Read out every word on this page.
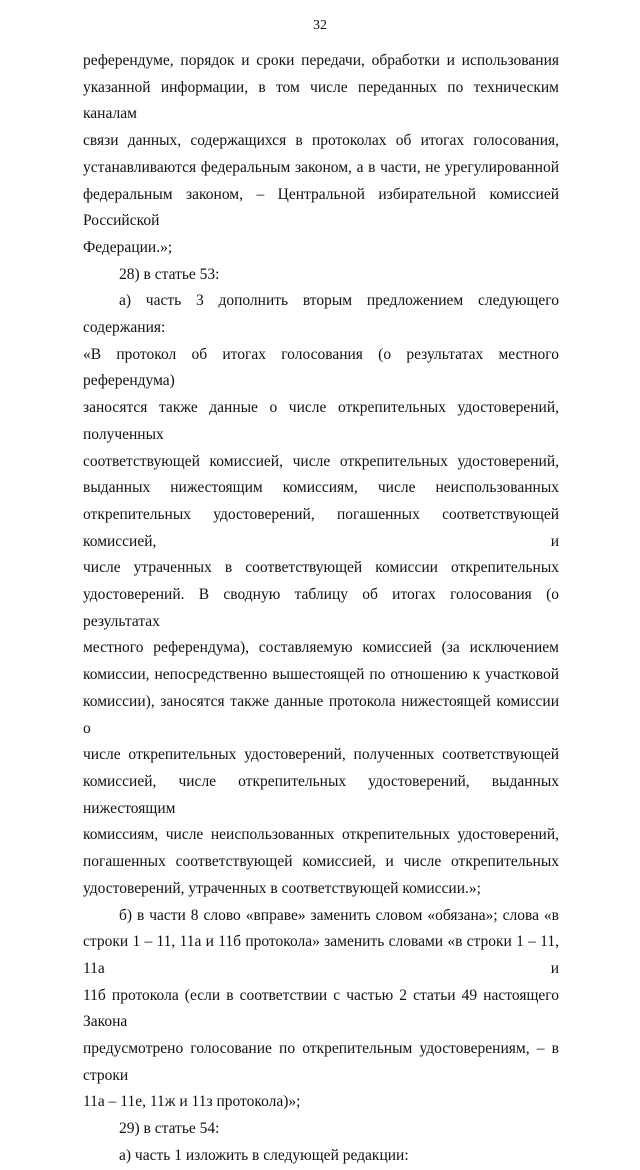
32

референдуме, порядок и сроки передачи, обработки и использования

указанной информации, в том числе переданных по техническим каналам

связи данных, содержащихся в протоколах об итогах голосования,

устанавливаются федеральным законом, а в части, не урегулированной

федеральным законом, – Центральной избирательной комиссией Российской

Федерации.»;

28) в статье 53:

а) часть 3 дополнить вторым предложением следующего содержания:

«В протокол об итогах голосования (о результатах местного референдума)

заносятся также данные о числе открепительных удостоверений, полученных

соответствующей комиссией, числе открепительных удостоверений,

выданных нижестоящим комиссиям, числе неиспользованных

открепительных удостоверений, погашенных соответствующей комиссией, и

числе утраченных в соответствующей комиссии открепительных

удостоверений. В сводную таблицу об итогах голосования (о результатах

местного референдума), составляемую комиссией (за исключением

комиссии, непосредственно вышестоящей по отношению к участковой

комиссии), заносятся также данные протокола нижестоящей комиссии о

числе открепительных удостоверений, полученных соответствующей

комиссией, числе открепительных удостоверений, выданных нижестоящим

комиссиям, числе неиспользованных открепительных удостоверений,

погашенных соответствующей комиссией, и числе открепительных

удостоверений, утраченных в соответствующей комиссии.»;

б) в части 8 слово «вправе» заменить словом «обязана»; слова «в

строки 1 – 11, 11а и 11б протокола» заменить словами «в строки 1 – 11, 11а и

11б протокола (если в соответствии с частью 2 статьи 49 настоящего Закона

предусмотрено голосование по открепительным удостоверениям, – в строки

11а – 11е, 11ж и 11з протокола)»;

29) в статье 54:

а) часть 1 изложить в следующей редакции:
